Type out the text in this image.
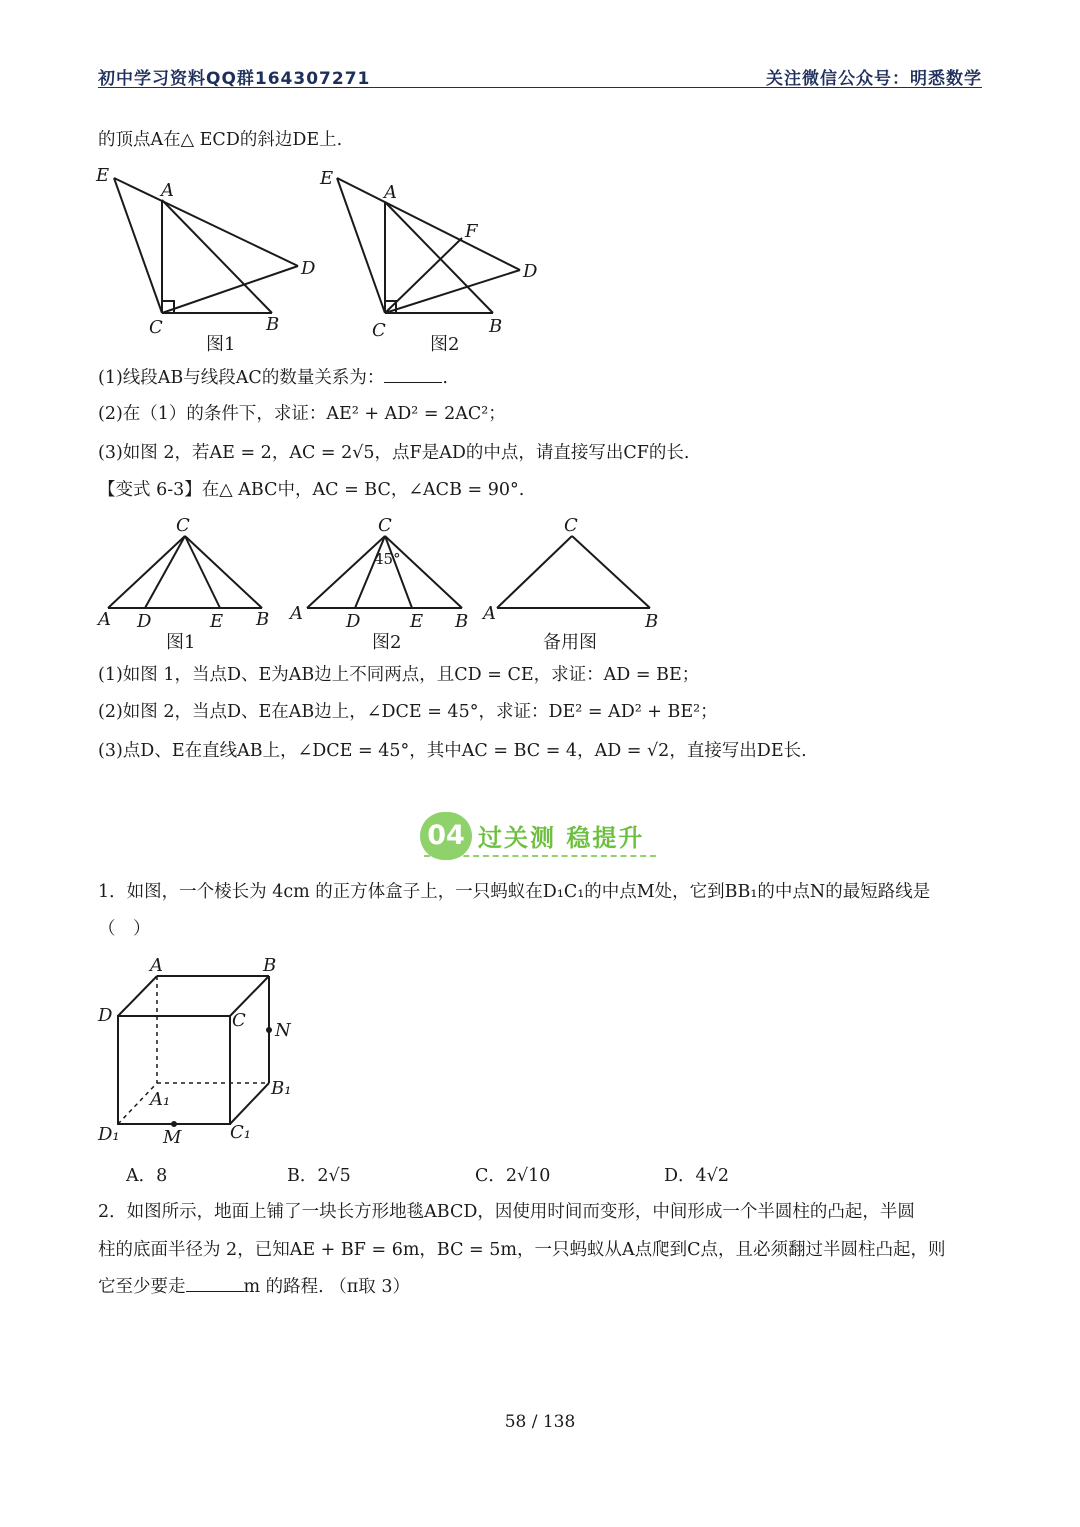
初中学习资料QQ群164307271	关注微信公众号：明悉数学
的顶点A在△ ECD的斜边DE上.
E
A
D
C	B
图1
E
A
F
D
C	B
图2
(1)线段AB与线段AC的数量关系为：	.
(2)在（1）的条件下，求证：AE² + AD² = 2AC²；
(3)如图 2，若AE = 2，AC = 2√5，点F是AD的中点，请直接写出CF的长.
【变式 6-3】在△ ABC中，AC = BC，∠ACB = 90°.
C
A D	E B
图1
C
45°
A D	E B
图2
C
A	B
备用图
(1)如图 1，当点D、E为AB边上不同两点，且CD = CE，求证：AD = BE；
(2)如图 2，当点D、E在AB边上，∠DCE = 45°，求证：DE² = AD² + BE²；
(3)点D、E在直线AB上，∠DCE = 45°，其中AC = BC = 4，AD = √2，直接写出DE长.
04 过关测 稳提升
1．如图，一个棱长为 4cm 的正方体盒子上，一只蚂蚁在D₁C₁的中点M处，它到BB₁的中点N的最短路线是
（　）
A	B
D	C N
B₁
A₁
D₁ M	C₁
A．8	B．2√5	C．2√10	D．4√2
2．如图所示，地面上铺了一块长方形地毯ABCD，因使用时间而变形，中间形成一个半圆柱的凸起，半圆
柱的底面半径为 2，已知AE + BF = 6m，BC = 5m，一只蚂蚁从A点爬到C点，且必须翻过半圆柱凸起，则
它至少要走	m 的路程. （π取 3）
58 / 138
